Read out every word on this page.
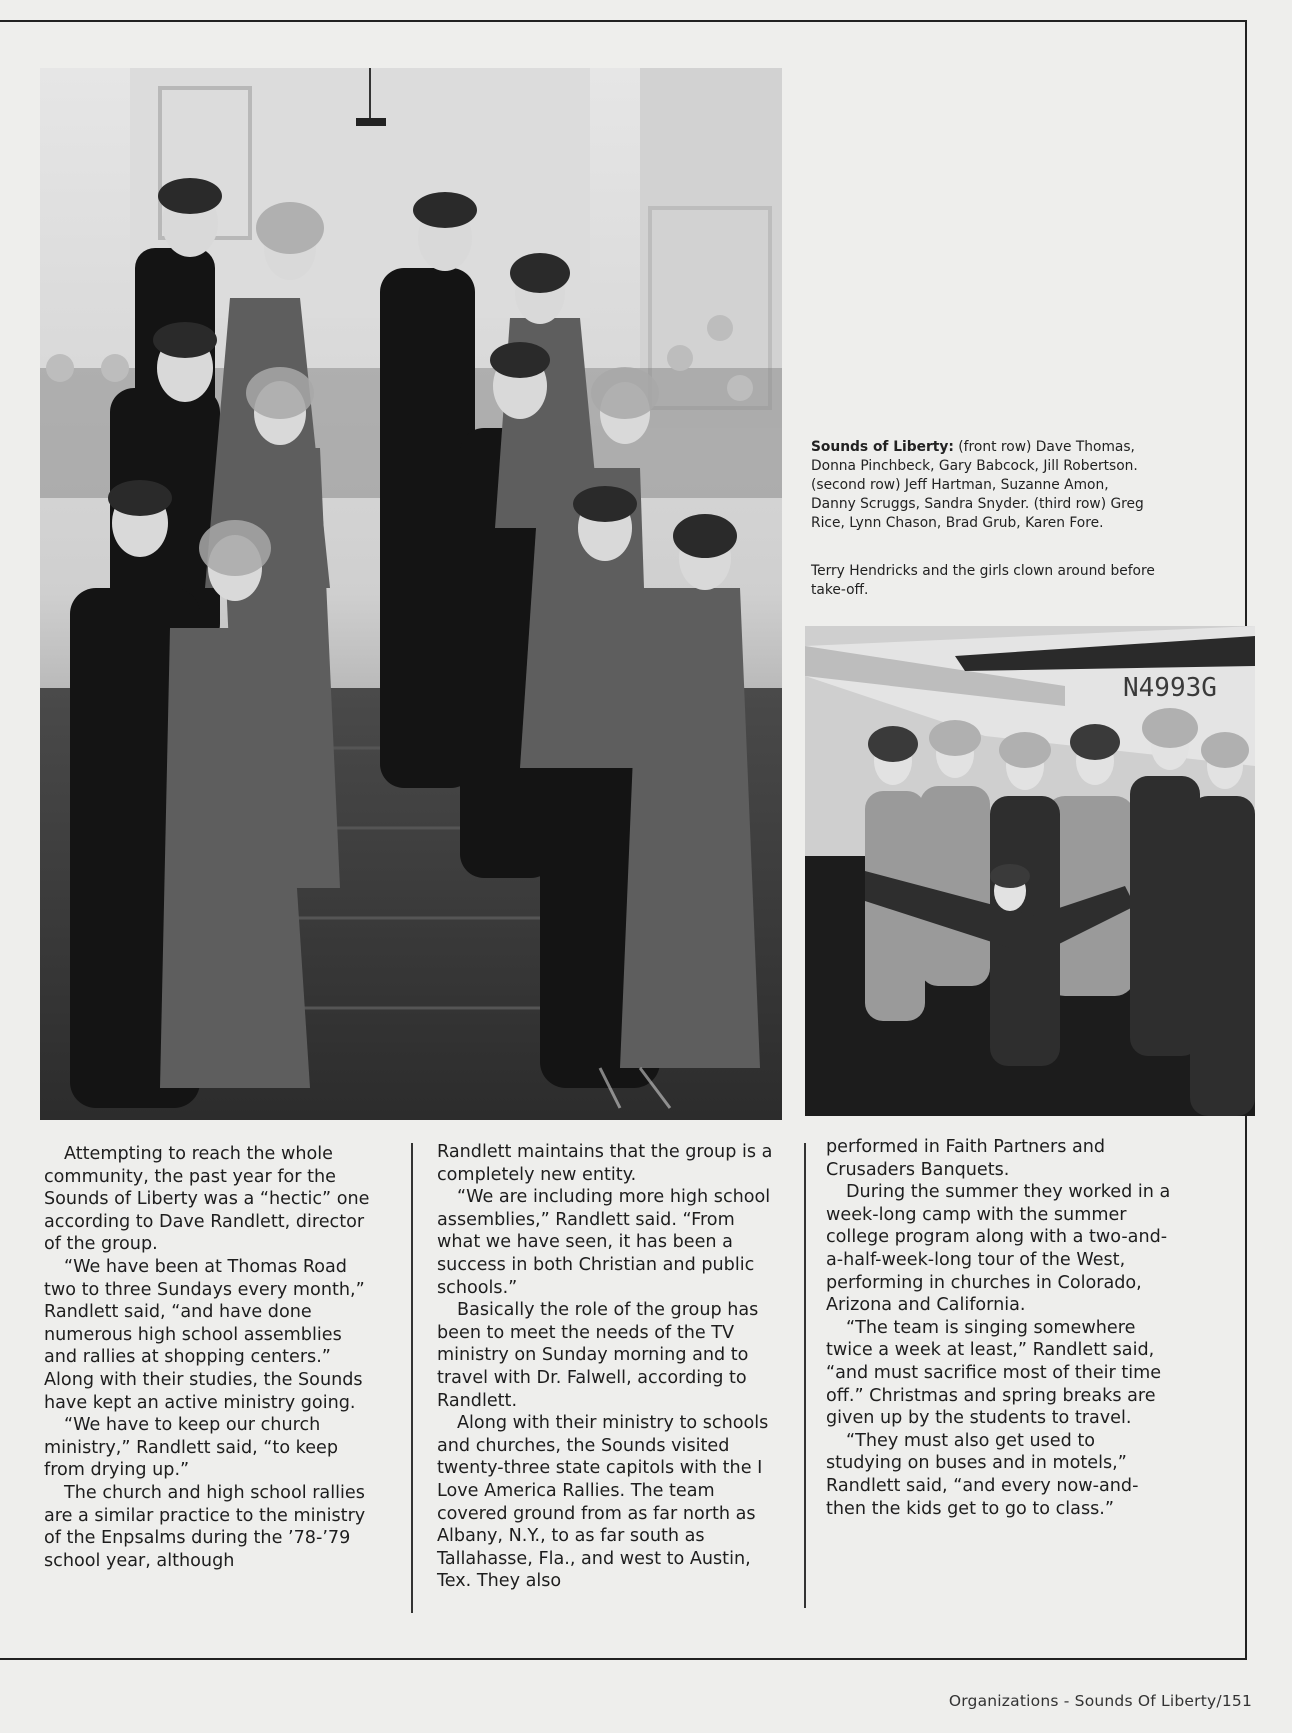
Sounds of Liberty: (front row) Dave Thomas, Donna Pinchbeck, Gary Babcock, Jill Robertson. (second row) Jeff Hartman, Suzanne Amon, Danny Scruggs, Sandra Snyder. (third row) Greg Rice, Lynn Chason, Brad Grub, Karen Fore.

Terry Hendricks and the girls clown around before take-off.

N4993G

Attempting to reach the whole community, the past year for the Sounds of Liberty was a “hectic” one according to Dave Randlett, director of the group.

“We have been at Thomas Road two to three Sundays every month,” Randlett said, “and have done numerous high school assemblies and rallies at shopping centers.” Along with their studies, the Sounds have kept an active ministry going.

“We have to keep our church ministry,” Randlett said, “to keep from drying up.”

The church and high school rallies are a similar practice to the ministry of the Enpsalms during the ’78-’79 school year, although

Randlett maintains that the group is a completely new entity.

“We are including more high school assemblies,” Randlett said. “From what we have seen, it has been a success in both Christian and public schools.”

Basically the role of the group has been to meet the needs of the TV ministry on Sunday morning and to travel with Dr. Falwell, according to Randlett.

Along with their ministry to schools and churches, the Sounds visited twenty-three state capitols with the I Love America Rallies. The team covered ground from as far north as Albany, N.Y., to as far south as Tallahasse, Fla., and west to Austin, Tex. They also

performed in Faith Partners and Crusaders Banquets.

During the summer they worked in a week-long camp with the summer college program along with a two-and-a-half-week-long tour of the West, performing in churches in Colorado, Arizona and California.

“The team is singing somewhere twice a week at least,” Randlett said, “and must sacrifice most of their time off.” Christmas and spring breaks are given up by the students to travel.

“They must also get used to studying on buses and in motels,” Randlett said, “and every now-and-then the kids get to go to class.”

Organizations - Sounds Of Liberty/151
